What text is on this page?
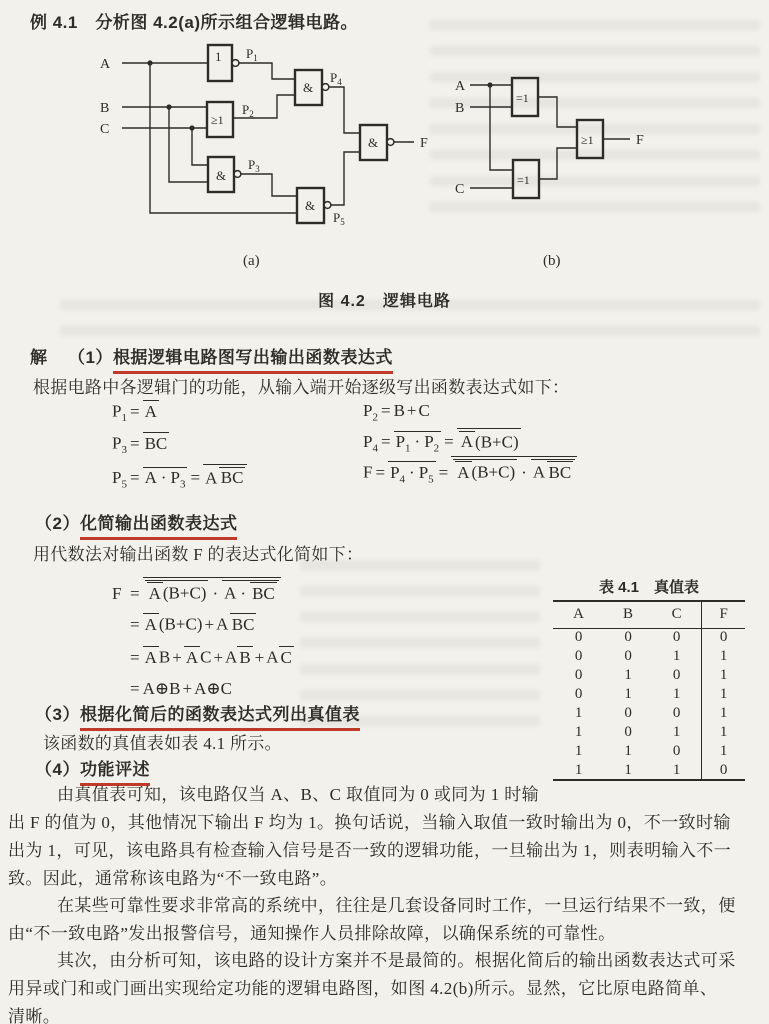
例 4.1　分析图 4.2(a)所示组合逻辑电路。
A
B
C
1
≥1
&
&
&
&
$P_1$
$P_2$
$P_3$
$P_4$
$P_5$
F
(a)
A
B
C
=1
=1
≥1	F
(b)
图 4.2　逻辑电路
解 （1）根据逻辑电路图写出输出函数表达式
根据电路中各逻辑门的功能，从输入端开始逐级写出函数表达式如下：
$P_1 = A$	$P_2 = B + C$
$P_3$ = BC	$P_4 = P_1 \cdot P_2 = A$ (B+C)
$P_5 = A \cdot P_3 = A$  BC	$F = P_4 \cdot P_5 = A$ (B+C) · A  BC
（2）化简输出函数表达式
用代数法对输出函数 F 的表达式化简如下：
F = A (B+C) · A · BC
= A (B+C) + A  BC
= A B + A C + A B + A C
= A⊕B + A⊕C
表 4.1　真值表
A	B	C	F
0	0	0	0
0	0	1	1
0	1	0	1
0	1	1	1
1	0	0	1
1	0	1	1
1	1	0	1
1	1	1	0
（3）根据化简后的函数表达式列出真值表
该函数的真值表如表 4.1 所示。
（4）功能评述
由真值表可知，该电路仅当 A、B、C 取值同为 0 或同为 1 时输
出 F 的值为 0，其他情况下输出 F 均为 1。换句话说，当输入取值一致时输出为 0，不一致时输
出为 1，可见，该电路具有检查输入信号是否一致的逻辑功能，一旦输出为 1，则表明输入不一
致。因此，通常称该电路为“不一致电路”。
在某些可靠性要求非常高的系统中，往往是几套设备同时工作，一旦运行结果不一致，便
由“不一致电路”发出报警信号，通知操作人员排除故障，以确保系统的可靠性。
其次，由分析可知，该电路的设计方案并不是最简的。根据化简后的输出函数表达式可采
用异或门和或门画出实现给定功能的逻辑电路图，如图 4.2(b)所示。显然，它比原电路简单、
清晰。
